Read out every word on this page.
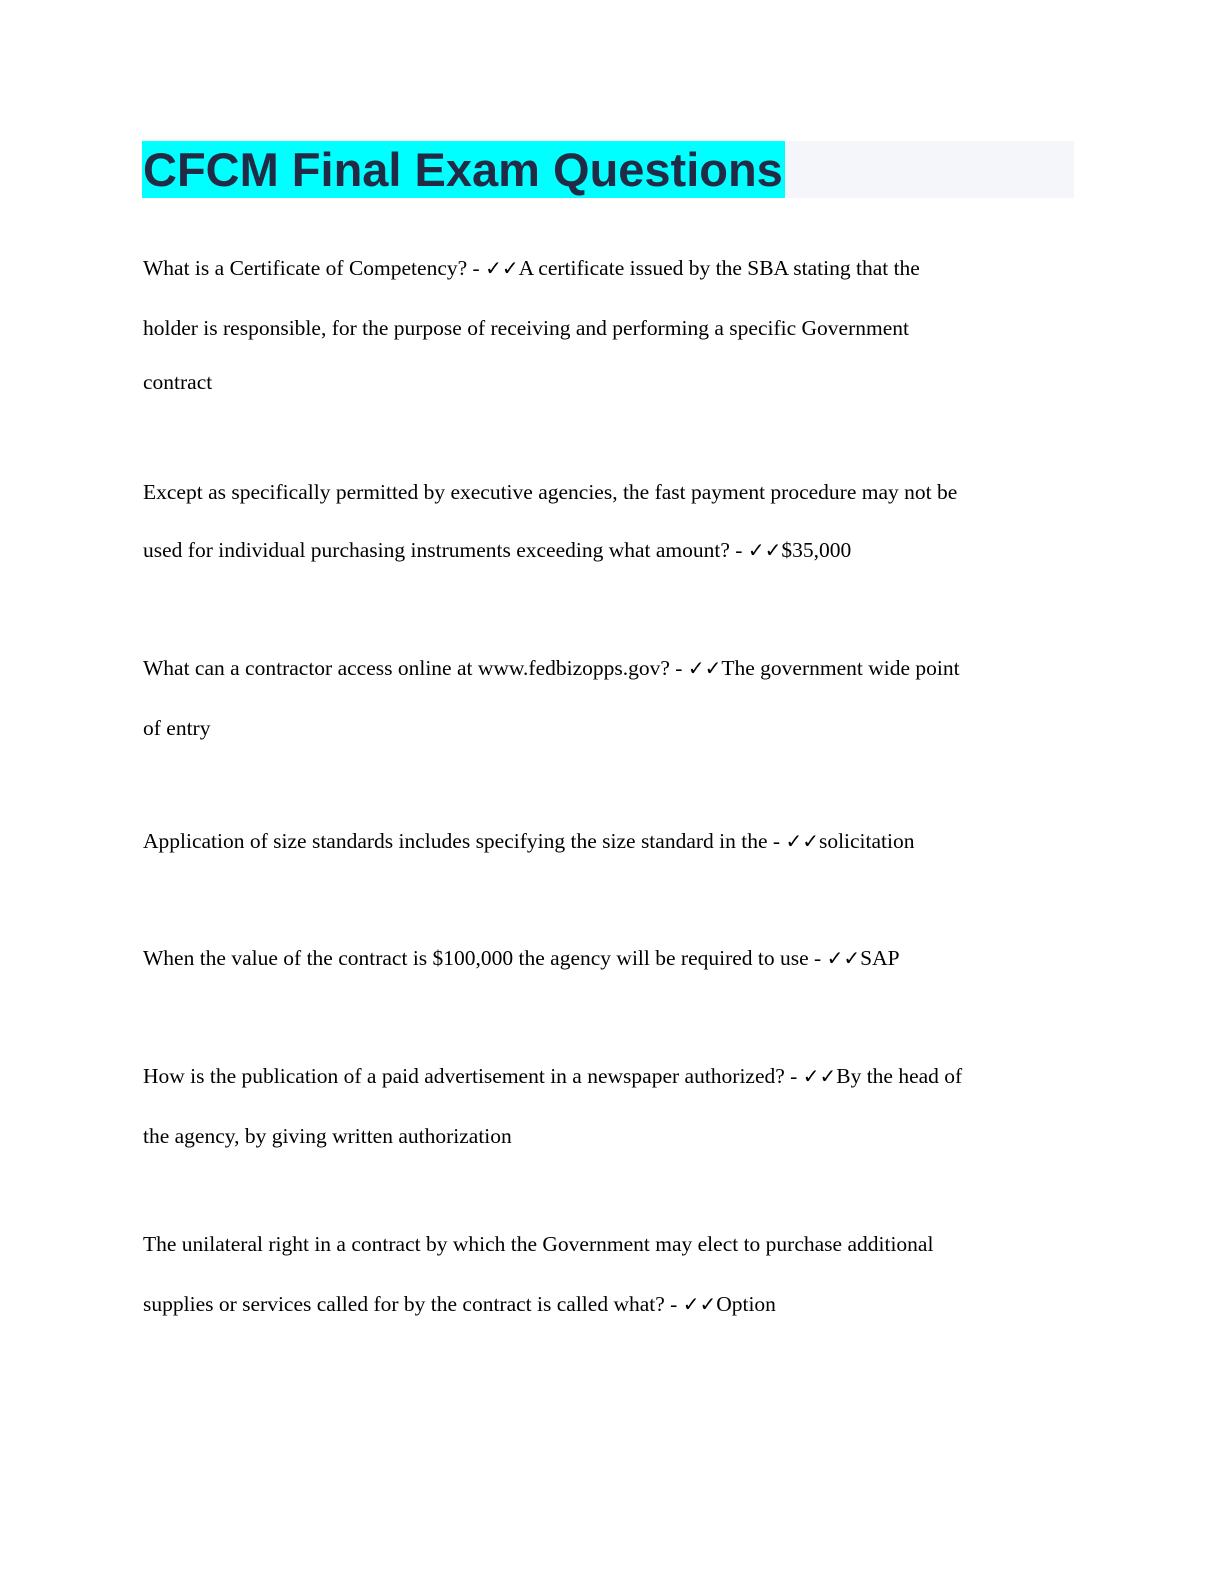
CFCM Final Exam Questions
What is a Certificate of Competency? - ✓✓A certificate issued by the SBA stating that the
holder is responsible, for the purpose of receiving and performing a specific Government
contract
Except as specifically permitted by executive agencies, the fast payment procedure may not be
used for individual purchasing instruments exceeding what amount? - ✓✓$35,000
What can a contractor access online at www.fedbizopps.gov? - ✓✓The government wide point
of entry
Application of size standards includes specifying the size standard in the - ✓✓solicitation
When the value of the contract is $100,000 the agency will be required to use - ✓✓SAP
How is the publication of a paid advertisement in a newspaper authorized? - ✓✓By the head of
the agency, by giving written authorization
The unilateral right in a contract by which the Government may elect to purchase additional
supplies or services called for by the contract is called what? - ✓✓Option
